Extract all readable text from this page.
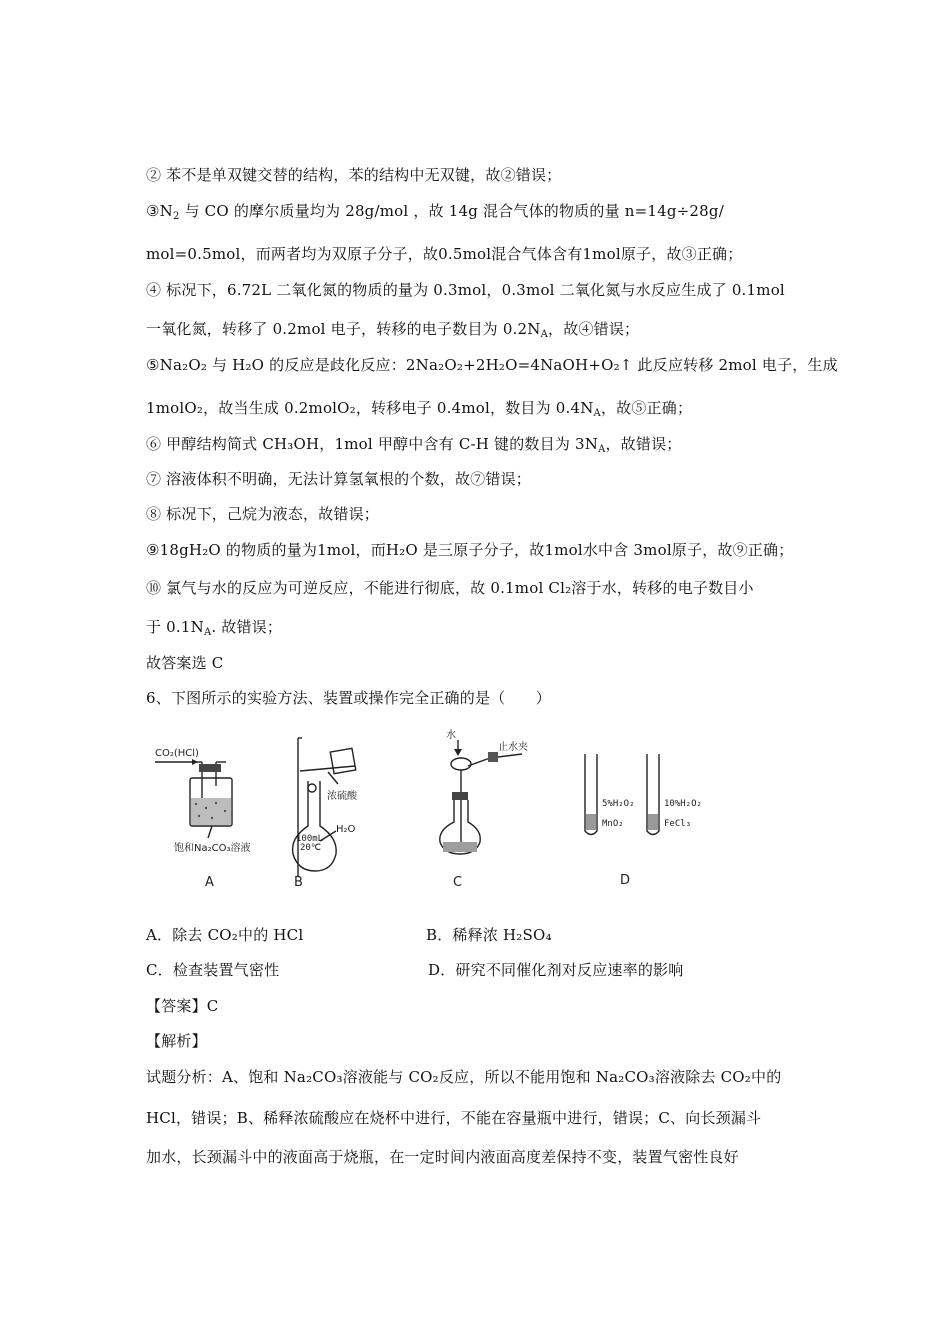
② 苯不是单双键交替的结构，苯的结构中无双键，故②错误；
$③N_2$ 与 CO 的摩尔质量均为 28g/mol ，故 14g 混合气体的物质的量 n=14g÷28g/
mol=0.5mol，而两者均为双原子分子，故0.5mol混合气体含有1mol原子，故③正确；
④ 标况下，6.72L 二氧化氮的物质的量为 0.3mol，0.3mol 二氧化氮与水反应生成了 0.1mol
一氧化氮，转移了 0.2mol 电子，转移的电子数目为 $0.2N_A$，故④错误；
⑤Na₂O₂ 与 H₂O 的反应是歧化反应：2Na₂O₂+2H₂O=4NaOH+O₂↑ 此反应转移 2mol 电子，生成
1molO₂，故当生成 0.2molO₂，转移电子 0.4mol，数目为 $0.4N_A$，故⑤正确；
⑥ 甲醇结构简式 CH₃OH，1mol 甲醇中含有 C-H 键的数目为 $3N_A$，故错误；
⑦ 溶液体积不明确，无法计算氢氧根的个数，故⑦错误；
⑧ 标况下，己烷为液态，故错误；
⑨18gH₂O 的物质的量为1mol，而H₂O 是三原子分子，故1mol水中含 3mol原子，故⑨正确；
⑩ 氯气与水的反应为可逆反应，不能进行彻底，故 0.1mol Cl₂溶于水，转移的电子数目小
于 $0.1N_A$. 故错误；
故答案选 C
6、下图所示的实验方法、装置或操作完全正确的是（　　）
CO₂(HCl)
饱和Na₂CO₃溶液
A
浓硫酸
100mL
20℃
H₂O
B
水
止水夹
C
5%H₂O₂
MnO₂
10%H₂O₂
FeCl₃
D
A．除去 CO₂中的 HCl	B．稀释浓 H₂SO₄
C．检查装置气密性	D．研究不同催化剂对反应速率的影响
【答案】C
【解析】
试题分析：A、饱和 Na₂CO₃溶液能与 CO₂反应，所以不能用饱和 Na₂CO₃溶液除去 CO₂中的
HCl，错误；B、稀释浓硫酸应在烧杯中进行，不能在容量瓶中进行，错误；C、向长颈漏斗
加水，长颈漏斗中的液面高于烧瓶，在一定时间内液面高度差保持不变，装置气密性良好
